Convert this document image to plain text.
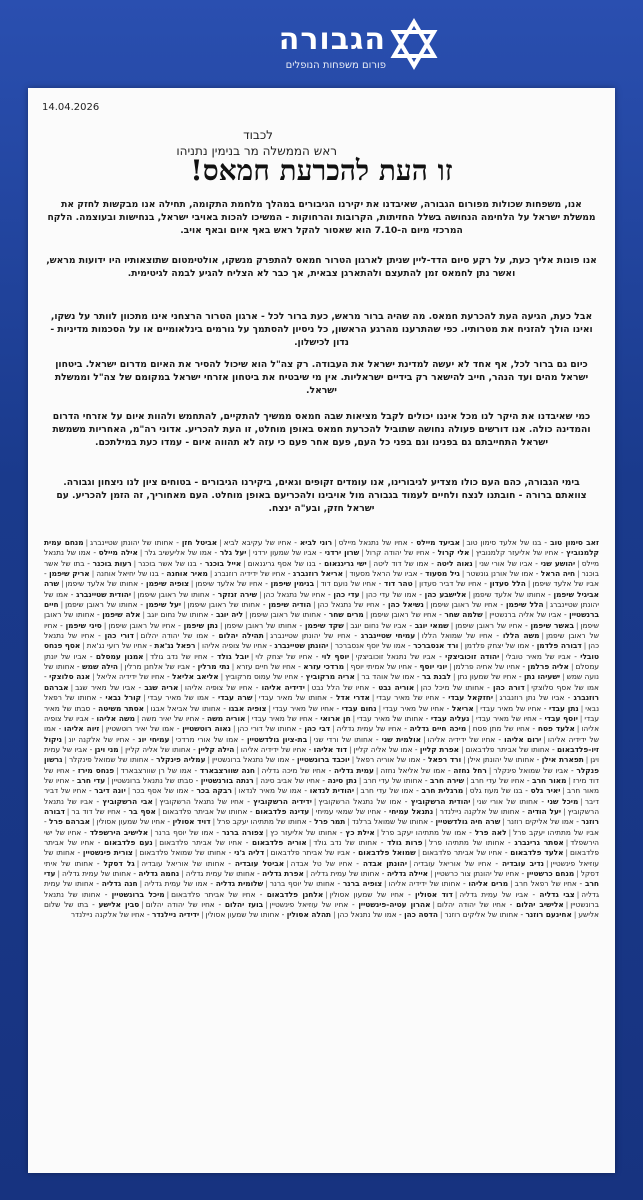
הגבורה
פורום משפחות הנופלים
14.04.2026
לכבוד
ראש הממשלה מר בנימין נתניהו
זו העת להכרעת חמאס!
אנו, משפחות שכולות מפורום הגבורה, שאיבדנו את יקירנו הגיבורים במהלך מלחמת התקומה, תחילה אנו מבקשות לחזק את ממשלת ישראל על הלחימה הנחושה בשלל החזיתות, הקרובות והרחוקות - המשיכו להכות באויבי ישראל, בנחישות ובעוצמה. הלקח המרכזי מיום ה-7.10 הוא שאסור להקל ראש באף איום ובאף אויב.
אנו פונות אליך כעת, על רקע סיום הדד-ליין שניתן לארגון הטרור חמאס להתפרק מנשקו, אולטימטום שתוצאותיו היו ידועות מראש, ואשר נתן לחמאס זמן להתעצם ולהתארגן צבאית, אך כבר לא הצליח להגיע לבמה לגיטימית.
אבל כעת, הגיעה העת להכרעת חמאס. מה שהיה ברור מראש, כעת ברור לכל - ארגון הטרור הרצחני אינו מתכוון לוותר על נשקו, ואינו הולך להזניח את מטרותיו. כפי שהתרענו מהרגע הראשון, כל ניסיון להסתמך על גורמים בינלאומיים או על הסכמות מדיניות - נדון לכישלון.
כיום גם ברור לכל, אף אחד לא יעשה למדינת ישראל את העבודה. רק צה"ל הוא שיכול להסיר את האיום מדרום ישראל. ביטחון ישראל מהים ועד הנהר, חייב להישאר רק בידיים ישראליות. אין מי שיבטיח את ביטחון אזרחי ישראל במקומם של צה"ל וממשלת ישראל.
כמי שאיבדנו את היקר לנו מכל איננו יכולים לקבל מציאות שבה חמאס ממשיך להתקיים, להתחמש ולהוות איום על אזרחי הדרום והמדינה כולה. אנו דורשים פעולה נחושה שתוביל להכרעת חמאס באופן מוחלט, זו העת להכריע. אדוני רה"מ, האחריות משמשת ישראל התחייבתם גם בפנינו וגם בפני כל העם, פעם אחר פעם כי עזה לא תהווה איום - עמדו כעת במילתכם.
בימי הגבורה, כהם העם כולו מצדיע לגיבורינו, אנו עומדים זקופים וגאים, ביקירנו הגיבורים - בטוחים ציון לנו ניצחון וגבורה. צוואתם ברורה - חובתנו לנצח ולחיים לעמוד בגבורה מול אויבינו ולהכריעם באופן מוחלט. העם מאחוריך, זה הזמן להכריע. עם ישראל חזק, ובע"ה ינצח.
זאב סימון טוב - בנו של אלעד סימון טוב|אביעד מיילס - אחיו של נתנאל מיילס|רוני לביא - אחיו של עקיבא לביא|אביטל חזן - אחותו של יהונתן שטיינברג|מנחם עמית קלמנוביץ - אחיו של אליעזר קלמנוביץ|אלי קרול - אחיו של יהודה קרול|שרון ירדני - אביו של שמעון ירדני|יעל גלר - אמו של אליעשיב גלר|אילה מיילס - אמו של נתנאל מיילס|יהושע שני - אביו של אורי שני|נאוה ליטה - אמו של דוד ליטה|ישי גריגנאום - בנו של אסף גריגנאום|אייל בוכנר - בנו של אשר בוכנר|רעות בוכנר - בתו של אשר בוכנר|חיה הראל - אמו של אורנן גונשטר|גיל מסעוד - אביו של הראל מסעוד|אריאל רוזנברג - אחיו של ידידיה רוזנברג|מאיר אוחנה - בנו של יחיאל אוחנה|אריק שיפמן - אביו של אלעד שיפמן|הלל סעדון - אחיו של דביר סעדון|טהר דוד - אחיו של נועם דוד|בנימין שיפמן - אחיו של אלעד שיפמן|צופיה שיפמן - אחותו של אלעד שיפמן|שרה אביגיל שיפמן - אחותו של אלעד שיפמן|אלישבע כהן - אמו של עדי כהן|עדי כהן - אחיו של נתנאל כהן|שירה זנזקר - אחותו של ראובן שיפמן|יהודית שטיינברג - אמו של יהונתן שטיינברג|הלל שיפמן - אחיו של ראובן שיפמן|נשיאל כהן - אחיו של נתנאל כהן|הודיה שיפמן - אחותו של ראובן שיפמן|יעל שיפמן - אחותו של ראובן שיפמן|חיים ברנשטיין - אביו של אליה ברנשטיין|שלמה שחר - אחיו של ראובן שיפמן|מרים שחר - אחותו של ראובן שיפמן|ליה יוגב - אחותו של נחום יוגב|אלה שיפמן - אחותו של ראובן שיפמן|באשר שיפמן - אחיו של ראובן שיפמן|שמאי יוגב - אביו של נחום יוגב|שקד שיפמן - אחותו של ראובן שיפמן|נתן שיפמן - אחיו של ראובן שיפמן|סיני שיפמן - אחיו של ראובן שיפמן|משה הללו - אחיו של שמואל הללו|עמיחי שטיינברג - אחיו של יהונתן שטיינברג|תהילה יהלום - אמו של יהודה יהלום|דורי כהן - אחיו של נתנאל כהן|דבורה פלדמן - אמו של יצחק פלדמן|ורד אנסברכר - אמו של יוסף אנסברכר|יהונתן שטיינברג - אחיו של צופיה אליהו|רפאל נג'את - אחיו של רועי נג'את|אסף פנחס טובלי - אביו של מאיר טובלי|יהודה זוכוביצקי - אביו של נתנאל זוכוביצקי|יוסף לוי - אחיו של יצחק לוי|יובל גולד - אחיו של נדב גולד|אמנון עמסלם - אביו של יונתן עמסלם|אליה פרלמן - אחיו של אחיה פרלמן|יוני יוסף - אחיו של אמיתי יוסף|מרדכי עזרא - אחיו של חיים עזרא|נתי מרלין - אביו של אלחנן מרלין|הילה שמש - אחותו של נועה שמש|ישעיהו נתן - אחיו של שמעון נתן|לבנת בר - אמו של אוהד בר|אריה מרקוביץ - אחיו של עמוס מרקוביץ|אליאב אליאל - אחיו של ידידיה אליאל|אנה סלוצקי - אמו של אסף סלוצקי|דורה כהן - אחותו של מיכל כהן|אוריה נבט - אחיו של הלל נבט|ידידיה אליהו - אחיו של צופיה אליהו|אריה שגב - אביו של מאיר שגב|אברהם רוזנברג - אביו של נתן רוזנברג|יחזקאל עבדי - אחיו של מאיר עבדי|אדרי אדל - אחותו של מאיר עבדי|שרה עבדי - אמו של מאיר עבדי|קורל נבאי - אחותו של רפאל נבאי|נתן עבדי - אחיו של מאיר עבדי|אריאל - אחיו של מאיר עבדי|נחום עבדי - אחיו של מאיר עבדי|צופיה אבגו - אחותו של אביאל אבגו|אסתר משיטה - סבתו של מאיר עבדי|יוסף עבדי - אחיו של מאיר עבדי|נעליה עבדי - אחותו של מאיר עבדי|חן ארואי - אחיו של מאיר עבדי|אוריה משה - אחיו של יאיר משה|משה אליהו - אביו של צופיה אליהו|אלעד פסח - אחיו של מתן פסח|מיכה חיים גדליה - אחיו של עמית גדליה|דבי כהן - אחותו של דורי כהן|נאוה רוטשטיין - אמו של יאיר רוטשטיין|זיוה אליהו - אמו של ידידיה אליהו|ירום אליהו - אחיו של ידידיה אליהו|אולמית שני - אחותו של ורדי שני|בת-ציון גולדשטיין - אמו של אורי מרדכי|עמיחי יונ - אחיו של אלקנה יונ|ניקול זיו-פלדבאום - אחותו של אביתר פלדבאום|אפרת קליין - אמו של אליה קליין|דוד אליהו - אחיו של ידידיה אליהו|הילה קליין - אחותו של אליה קליין|מני ויגן - אביו של עמית ויגן|תפארת אילן - אחותו של יהונתן אילן|ורד רפאל - אמו של אוריה רפאל|יוכבד ברונשטיין - אמו של נתנאל ברונשטיין|עמליה פינקלר - אחותו של שמואל פינקלר|גרשון פנקלר - אביו של שמואל פינקלר|רחל נחזה - אמו של אליאל נחזה|עמית גדליה - אחיו של מיכה גדליה|חנה שוורצבארד - אמו של רן שוורצבארד|פנחס מירז - אחיו של דוד מירז|מאור חרב - אחיו של עדי חרב|שירה חרב - אחותו של עדי חרב|נתן סינה - אחיו של אביב סינה|רנתה בורנשטיין - סבתו של נתנאל ברונשטיין|עדי חרב - אחיו של מאור חרב|יאיר גלס - בנו של מעוז גלס|מרגלית חרב - אמו של עדי חרב|יהודית לנדאו - אמו של מאיר לנדאו|רבקה בכר - אמו של אסף בכר|יונה דיבר - אחיו של דביר דיבר|מיכל שני - אחותו של אורי שני|יהודית הרשקוביץ - אמו של נתנאל הרשקוביץ|ידידיה הרשקוביץ - אחיו של נתנאל הרשקוביץ|אבי הרשקוביץ - אביו של נתנאל הרשקוביץ|יעל הודיה - אחותו של אלקנה ניילנדר|נתנאל עמיחי - אחיו של שמאי עמיחי|עדינה פלדבאום - אחותו של אביתר פלדבאום|אסף בר - אחיו של דוד בר|דבורה רוזנר - אמו של אליקים רוזנר|שרה חיה גולדשטיין - אחותו של שמואל ברלנד|תמר פרל - אחותו של מתתיהו יעקב פרל|דויד אסולין - אחיו של שמעון אסולין|אברהם פרל - אביו של מתתיהו יעקב פרל|לאה פרל - אמו של מתתיהו יעקב פרל|אילת כץ - אחותו של אליעזר כץ|צפורה ברנר - אמו של יוסף ברנר|אלישיב הירשפלד - אחיו של ישי הירשפלד|אסתר גרינברג - אחותו של מתתיהו פרל|פרות גולד - אחותו של נדב גולד|אוריה פלדבאום - אחיו של אביתר פלדבאום|נעם פלדבאום - אחיו של אביתר פלדבאום|אלעד פלדבאום - אחיו של אביתר פלדבאום|שמואל פלדבאום - אביו של אביתר פלדבאום|דליה ג'ני - אחותו של שמואל פלדבאום|צורית פינשטיין - אחותו של עוזיאל פינשטיין|נדיב עובדיה - אחיו של אוריאל עובדיה|יהונתן אבדה - אחיו של טל אבדה|אביטל עובדיה - אחותו של אוריאל עובדיה|גל דסקל - אחותו של איתי דסקל|מנחם כרשטיין - אחיו של יהונתן צור כרשטיין|איילה גדליה - אחותו של עמית גדליה|אפרת גדליה - אחותו של עמית גדליה|נחמה גדליה - אחותו של עמית גדליה|עדי חרב - אחיו של רפאל חרב|מרים אליהו - אחותו של ידידיה אליהו|צופיה ברנר - אחותו של יוסף ברנר|שלומית גדליה - אמו של עמית גדליה|חנה גדליה - אחותו של עמית גדליה|צבי גדליה - אביו של עמית גדליה|דוד אסולין - אחיו של שמעון אסולין|אלחנן פלדבאום - אחיו של אביתר פלדבאום|מיכל ברונשטיין - אחותו של נתנאל ברונשטיין|אלישיב יהלום - אחיו של יהודה יהלום|אהרון עטיה-פינשטיין - אחיו של עוזיאל פינשטיין|בועז יהלום - אחיו של יהודה יהלום|סבין אלישע - בתו של שלום אלישע|אחינעם רוזנר - אחותו של אליקים רוזנר|הדסה כהן - אמו של נתנאל כהן|תהלה אסולין - אחותו של שמעון אסולין|ידידיה ניילנדר - אחיו של אלקנה ניילנדר
